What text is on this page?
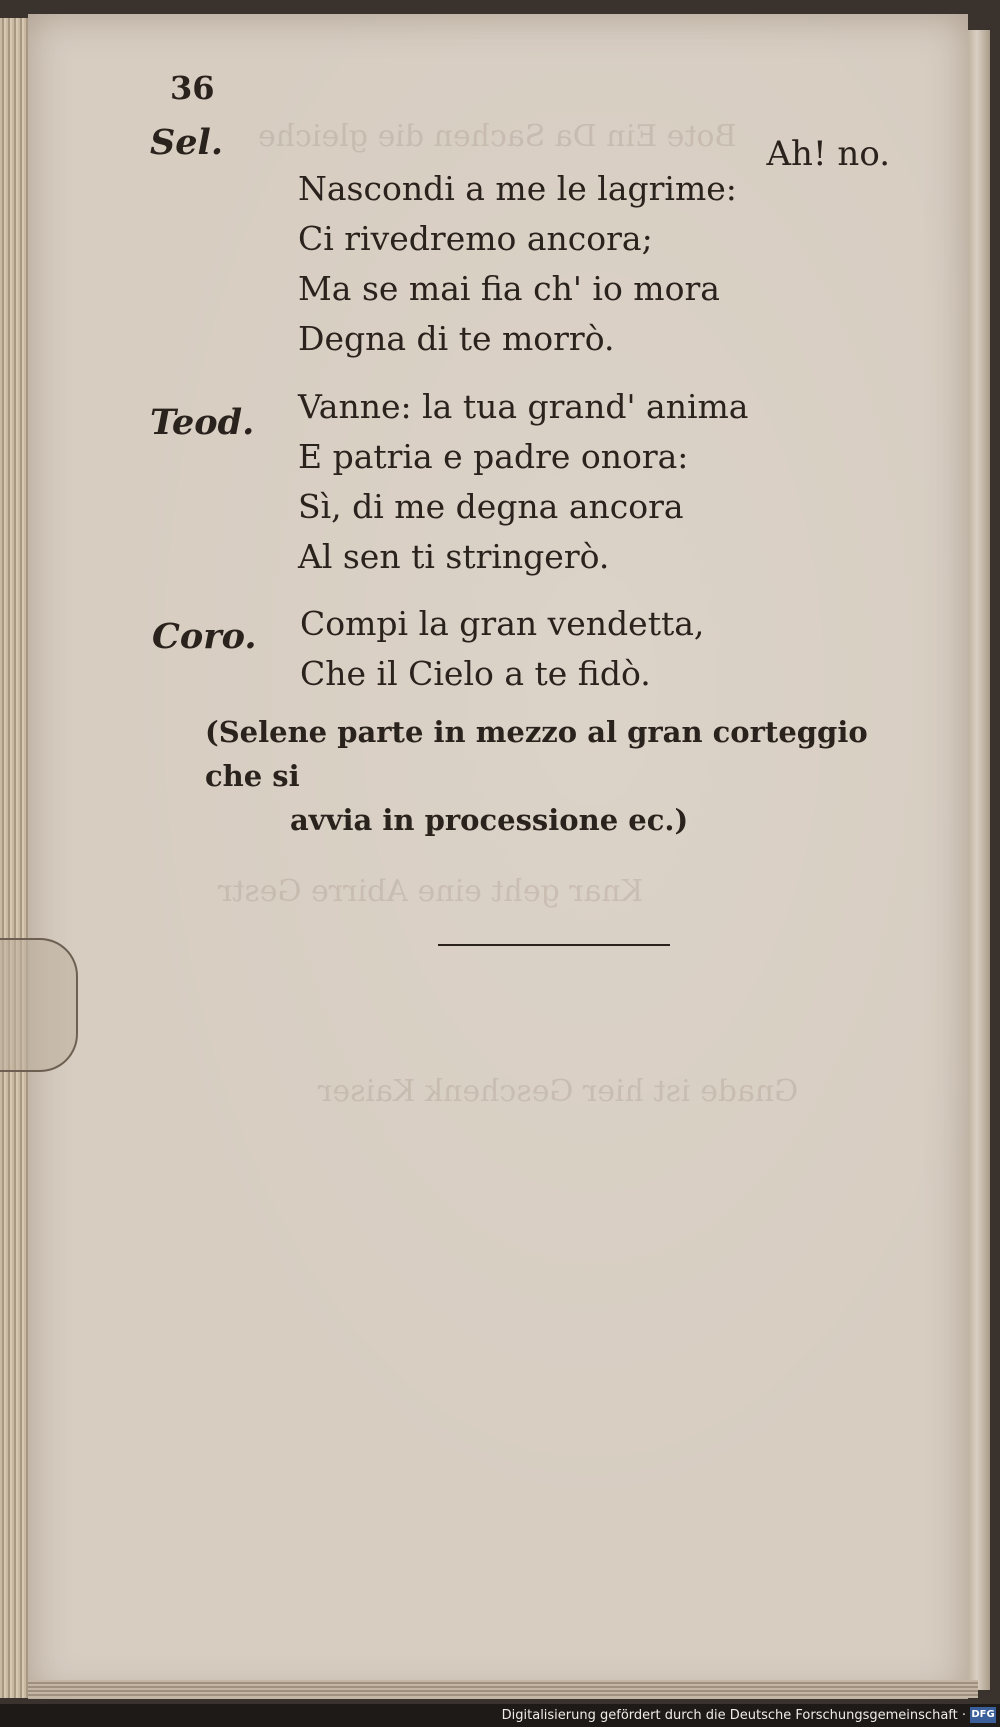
Bote Ein Da Sachen die gleiche
Knar geht eine Abirre Gestr
Gnade ist hier Geschenk Kaiser
36
Sel.	Ah! no.
Nascondi a me le lagrime:
Ci rivedremo ancora;
Ma se mai fia ch' io mora
Degna di te morrò.
Teod. Vanne: la tua grand' anima
E patria e padre onora:
Sì, di me degna ancora
Al sen ti stringerò.
Coro. Compi la gran vendetta,
Che il Cielo a te fidò.
(Selene parte in mezzo al gran corteggio che si
avvia in processione ec.)
Digitalisierung gefördert durch die Deutsche Forschungsgemeinschaft · DFG
